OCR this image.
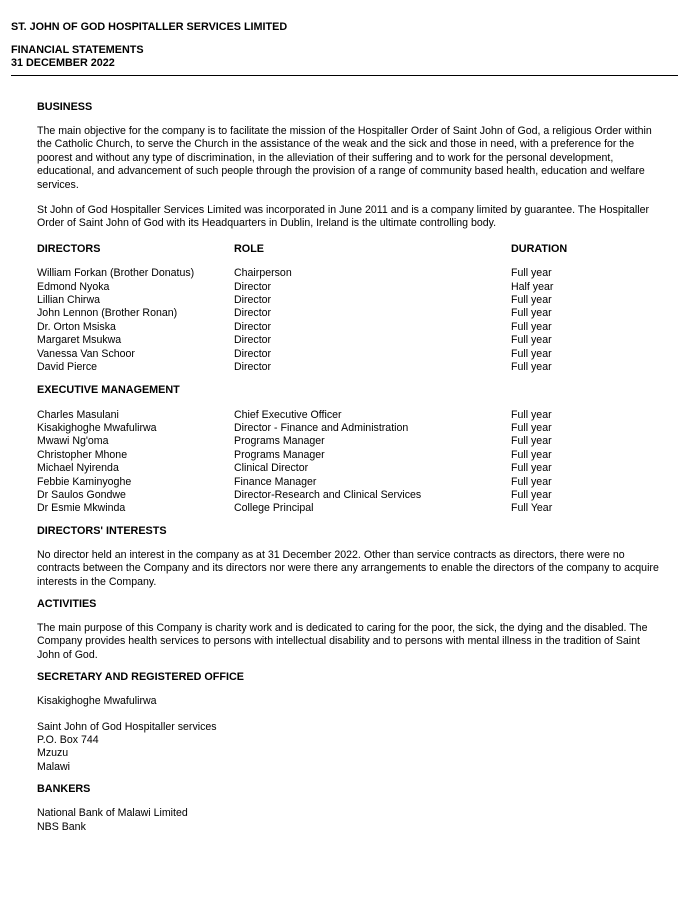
ST. JOHN OF GOD HOSPITALLER SERVICES LIMITED
FINANCIAL STATEMENTS
31 DECEMBER 2022
BUSINESS

The main objective for the company is to facilitate the mission of the Hospitaller Order of Saint John of God, a religious Order within the Catholic Church, to serve the Church in the assistance of the weak and the sick and those in need, with a preference for the poorest and without any type of discrimination, in the alleviation of their suffering and to work for the personal development, educational, and advancement of such people through the provision of a range of community based health, education and welfare services.

St John of God Hospitaller Services Limited was incorporated in June 2011 and is a company limited by guarantee. The Hospitaller Order of Saint John of God with its Headquarters in Dublin, Ireland is the ultimate controlling body.

DIRECTORS	ROLE	DURATION

William Forkan (Brother Donatus)	Chairperson	Full year
Edmond Nyoka	Director	Half year
Lillian Chirwa	Director	Full year
John Lennon (Brother Ronan)	Director	Full year
Dr. Orton Msiska	Director	Full year
Margaret Msukwa	Director	Full year
Vanessa Van Schoor	Director	Full year
David Pierce	Director	Full year
EXECUTIVE MANAGEMENT
Charles Masulani	Chief Executive Officer	Full year
Kisakighoghe Mwafulirwa	Director - Finance and Administration	Full year
Mwawi Ng'oma	Programs Manager	Full year
Christopher Mhone	Programs Manager	Full year
Michael Nyirenda	Clinical Director	Full year
Febbie Kaminyoghe	Finance Manager	Full year
Dr Saulos Gondwe	Director-Research and Clinical Services	Full year
Dr Esmie Mkwinda	College Principal	Full Year
DIRECTORS' INTERESTS

No director held an interest in the company as at 31 December 2022. Other than service contracts as directors, there were no contracts between the Company and its directors nor were there any arrangements to enable the directors of the company to acquire interests in the Company.

ACTIVITIES

The main purpose of this Company is charity work and is dedicated to caring for the poor, the sick, the dying and the disabled. The Company provides health services to persons with intellectual disability and to persons with mental illness in the tradition of Saint John of God.

SECRETARY AND REGISTERED OFFICE

Kisakighoghe Mwafulirwa

Saint John of God Hospitaller services
P.O. Box 744
Mzuzu
Malawi
BANKERS
National Bank of Malawi Limited
NBS Bank
